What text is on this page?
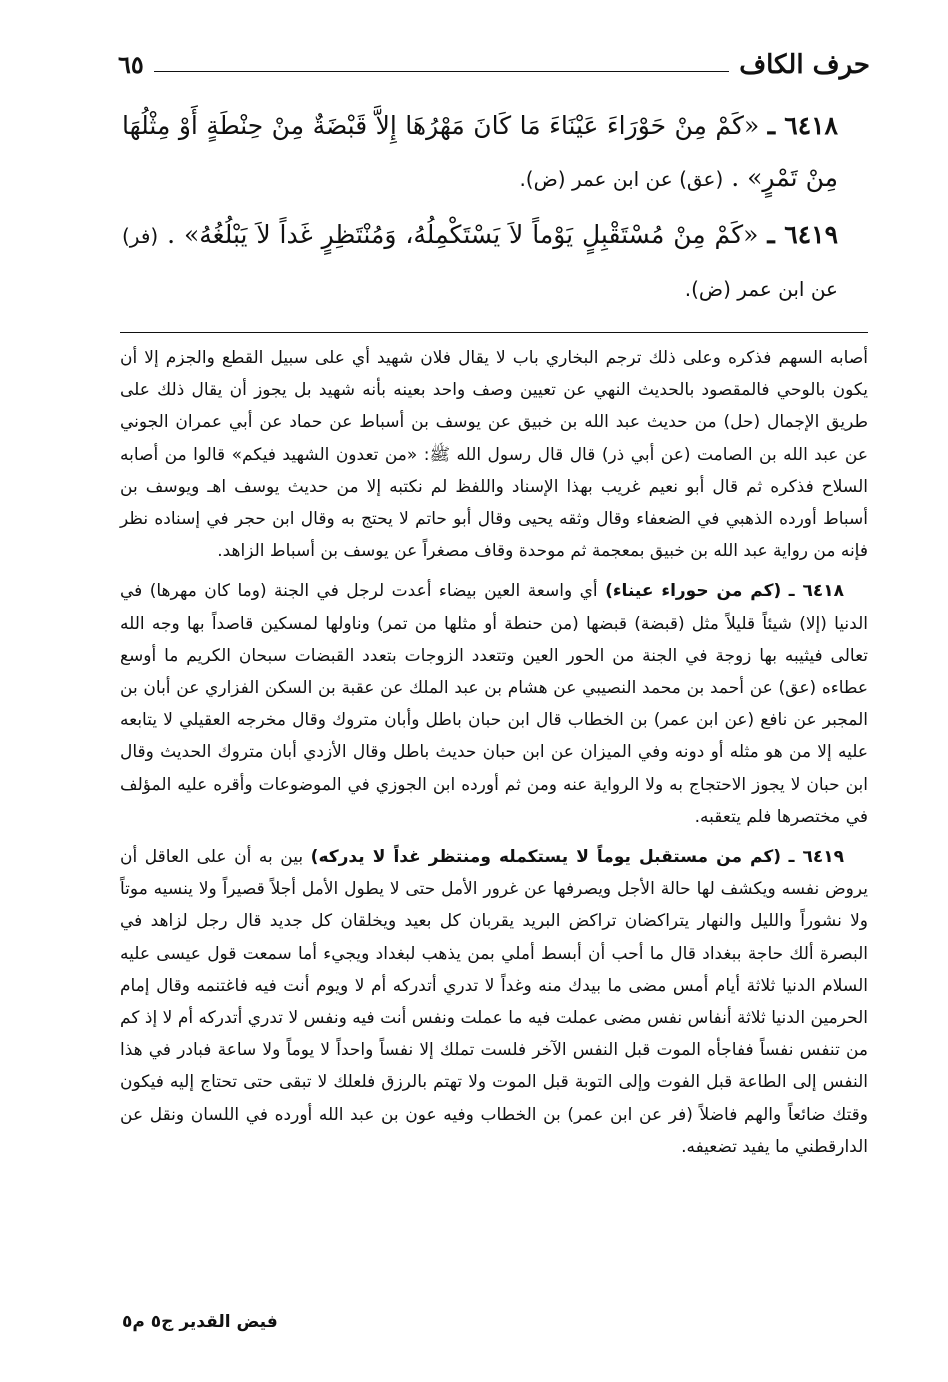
حرف الكاف
٦٥

٦٤١٨ ـ «كَمْ مِنْ حَوْرَاءَ عَيْنَاءَ مَا كَانَ مَهْرُهَا إِلاَّ قَبْضَةٌ مِنْ حِنْطَةٍ أَوْ مِثْلُهَا مِنْ تَمْرٍ» . (عق) عن ابن عمر (ض).

٦٤١٩ ـ «كَمْ مِنْ مُسْتَقْبِلٍ يَوْماً لاَ يَسْتَكْمِلُهُ، وَمُنْتَظِرٍ غَداً لاَ يَبْلُغُهُ» . (فر) عن ابن عمر (ض).

أصابه السهم فذكره وعلى ذلك ترجم البخاري باب لا يقال فلان شهيد أي على سبيل القطع والجزم إلا أن يكون بالوحي فالمقصود بالحديث النهي عن تعيين وصف واحد بعينه بأنه شهيد بل يجوز أن يقال ذلك على طريق الإجمال (حل) من حديث عبد الله بن خبيق عن يوسف بن أسباط عن حماد عن أبي عمران الجوني عن عبد الله بن الصامت (عن أبي ذر) قال قال رسول الله ﷺ: «من تعدون الشهيد فيكم» قالوا من أصابه السلاح فذكره ثم قال أبو نعيم غريب بهذا الإسناد واللفظ لم نكتبه إلا من حديث يوسف اهـ ويوسف بن أسباط أورده الذهبي في الضعفاء وقال وثقه يحيى وقال أبو حاتم لا يحتج به وقال ابن حجر في إسناده نظر فإنه من رواية عبد الله بن خبيق بمعجمة ثم موحدة وقاف مصغراً عن يوسف بن أسباط الزاهد.

٦٤١٨ ـ (كم من حوراء عيناء) أي واسعة العين بيضاء أعدت لرجل في الجنة (وما كان مهرها) في الدنيا (إلا) شيئاً قليلاً مثل (قبضة) قبضها (من حنطة أو مثلها من تمر) وناولها لمسكين قاصداً بها وجه الله تعالى فيثيبه بها زوجة في الجنة من الحور العين وتتعدد الزوجات بتعدد القبضات سبحان الكريم ما أوسع عطاءه (عق) عن أحمد بن محمد النصيبي عن هشام بن عبد الملك عن عقبة بن السكن الفزاري عن أبان بن المجبر عن نافع (عن ابن عمر) بن الخطاب قال ابن حبان باطل وأبان متروك وقال مخرجه العقيلي لا يتابعه عليه إلا من هو مثله أو دونه وفي الميزان عن ابن حبان حديث باطل وقال الأزدي أبان متروك الحديث وقال ابن حبان لا يجوز الاحتجاج به ولا الرواية عنه ومن ثم أورده ابن الجوزي في الموضوعات وأقره عليه المؤلف في مختصرها فلم يتعقبه.

٦٤١٩ ـ (كم من مستقبل يوماً لا يستكمله ومنتظر غداً لا يدركه) بين به أن على العاقل أن يروض نفسه ويكشف لها حالة الأجل ويصرفها عن غرور الأمل حتى لا يطول الأمل أجلاً قصيراً ولا ينسيه موتاً ولا نشوراً والليل والنهار يتراكضان تراكض البريد يقربان كل بعيد ويخلقان كل جديد قال رجل لزاهد في البصرة ألك حاجة ببغداد قال ما أحب أن أبسط أملي بمن يذهب لبغداد ويجيء أما سمعت قول عيسى عليه السلام الدنيا ثلاثة أيام أمس مضى ما بيدك منه وغداً لا تدري أتدركه أم لا ويوم أنت فيه فاغتنمه وقال إمام الحرمين الدنيا ثلاثة أنفاس نفس مضى عملت فيه ما عملت ونفس أنت فيه ونفس لا تدري أتدركه أم لا إذ كم من تنفس نفساً ففاجأه الموت قبل النفس الآخر فلست تملك إلا نفساً واحداً لا يوماً ولا ساعة فبادر في هذا النفس إلى الطاعة قبل الفوت وإلى التوبة قبل الموت ولا تهتم بالرزق فلعلك لا تبقى حتى تحتاج إليه فيكون وقتك ضائعاً والهم فاضلاً (فر عن ابن عمر) بن الخطاب وفيه عون بن عبد الله أورده في اللسان ونقل عن الدارقطني ما يفيد تضعيفه.

فيض القدير ج٥ م٥
